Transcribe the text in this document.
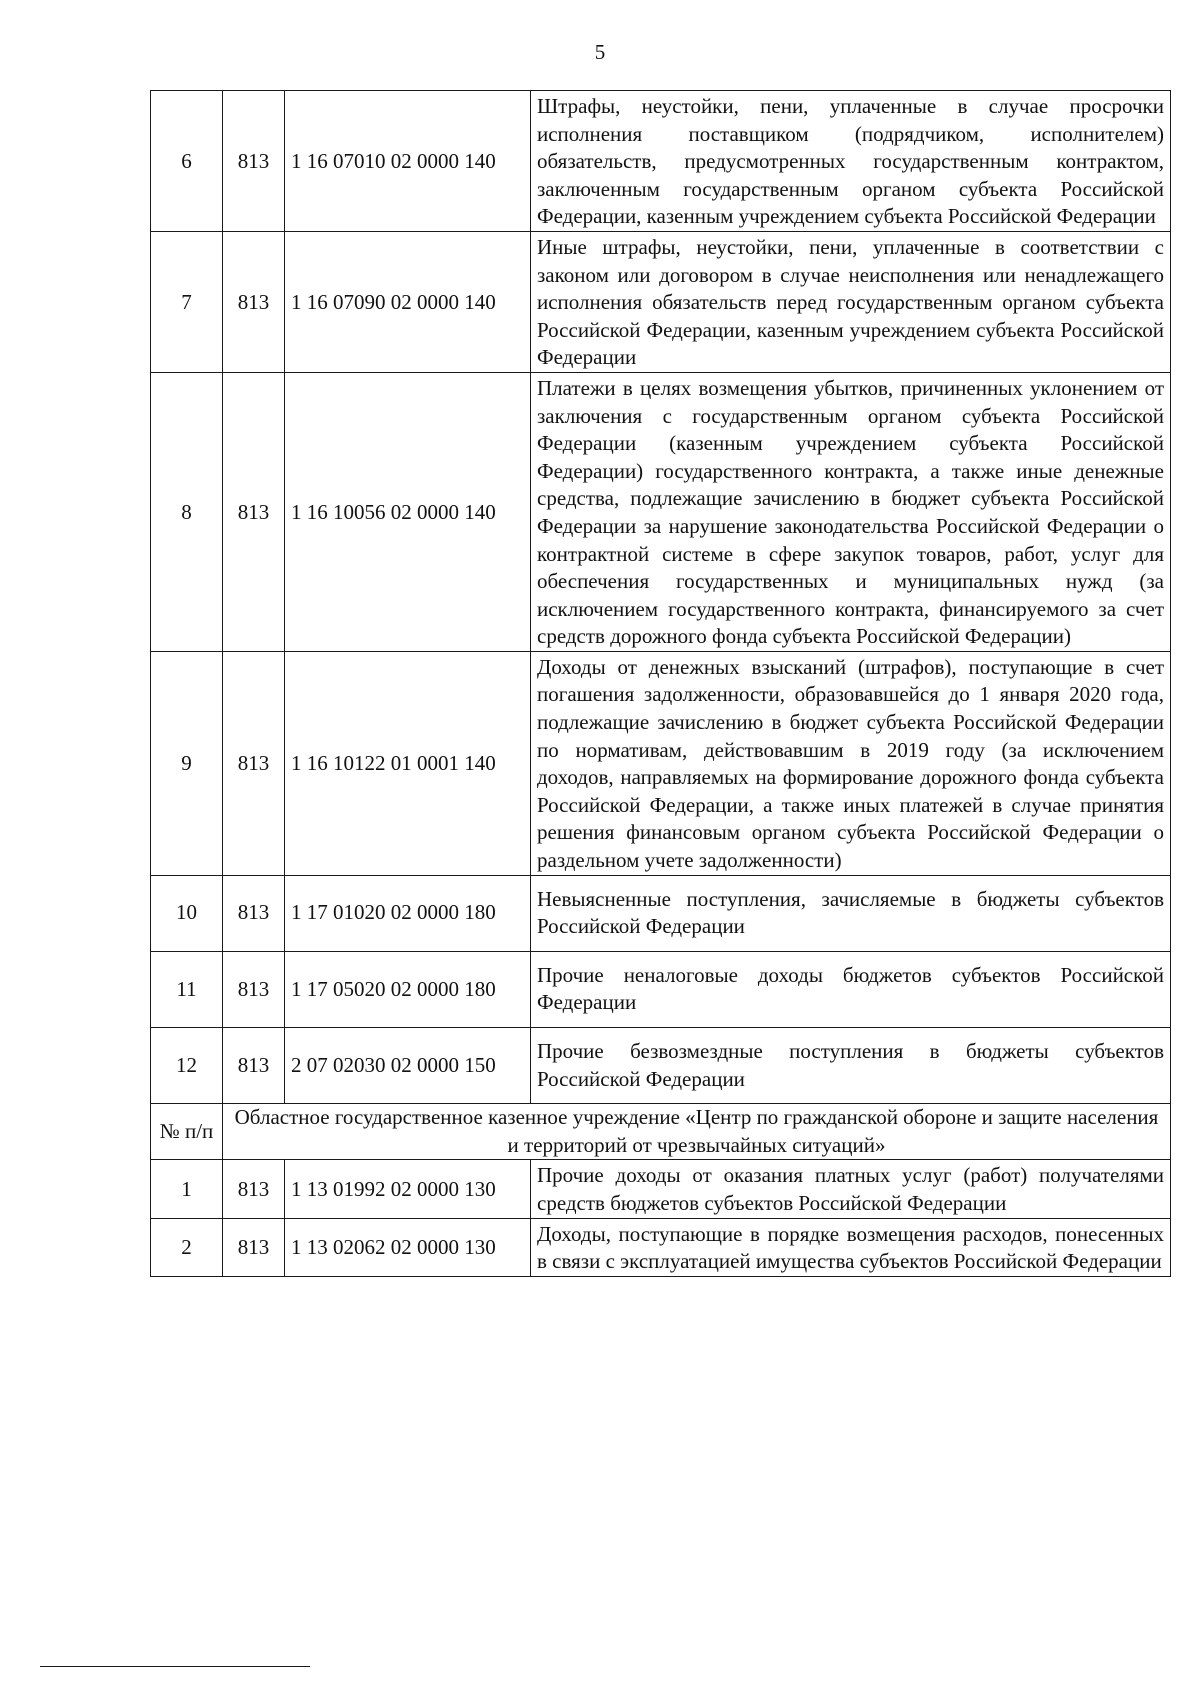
5
6	813	1 16 07010 02 0000 140	Штрафы, неустойки, пени, уплаченные в случае просрочки исполнения поставщиком (подрядчиком, исполнителем) обязательств, предусмотренных государственным контрактом, заключенным государственным органом субъекта Российской Федерации, казенным учреждением субъекта Российской Федерации
7	813	1 16 07090 02 0000 140	Иные штрафы, неустойки, пени, уплаченные в соответствии с законом или договором в случае неисполнения или ненадлежащего исполнения обязательств перед государственным органом субъекта Российской Федерации, казенным учреждением субъекта Российской Федерации
8	813	1 16 10056 02 0000 140	Платежи в целях возмещения убытков, причиненных уклонением от заключения с государственным органом субъекта Российской Федерации (казенным учреждением субъекта Российской Федерации) государственного контракта, а также иные денежные средства, подлежащие зачислению в бюджет субъекта Российской Федерации за нарушение законодательства Российской Федерации о контрактной системе в сфере закупок товаров, работ, услуг для обеспечения государственных и муниципальных нужд (за исключением государственного контракта, финансируемого за счет средств дорожного фонда субъекта Российской Федерации)
9	813	1 16 10122 01 0001 140	Доходы от денежных взысканий (штрафов), поступающие в счет погашения задолженности, образовавшейся до 1 января 2020 года, подлежащие зачислению в бюджет субъекта Российской Федерации по нормативам, действовавшим в 2019 году (за исключением доходов, направляемых на формирование дорожного фонда субъекта Российской Федерации, а также иных платежей в случае принятия решения финансовым органом субъекта Российской Федерации о раздельном учете задолженности)
10	813	1 17 01020 02 0000 180	Невыясненные поступления, зачисляемые в бюджеты субъектов Российской Федерации
11	813	1 17 05020 02 0000 180	Прочие неналоговые доходы бюджетов субъектов Российской Федерации
12	813	2 07 02030 02 0000 150	Прочие безвозмездные поступления в бюджеты субъектов Российской Федерации
№ п/п	Областное государственное казенное учреждение «Центр по гражданской обороне и защите населения и территорий от чрезвычайных ситуаций»		
1	813	1 13 01992 02 0000 130	Прочие доходы от оказания платных услуг (работ) получателями средств бюджетов субъектов Российской Федерации
2	813	1 13 02062 02 0000 130	Доходы, поступающие в порядке возмещения расходов, понесенных в связи с эксплуатацией имущества субъектов Российской Федерации
